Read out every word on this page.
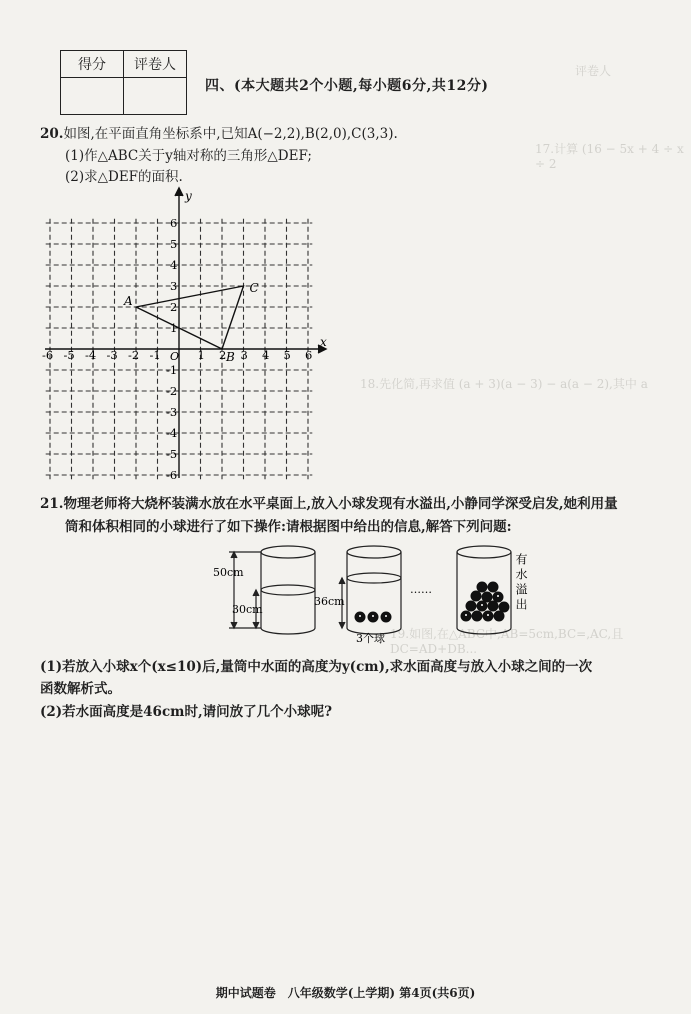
评卷人
17.计算 (16 − 5x + 4 ÷ x ÷ 2
18.先化简,再求值 (a + 3)(a − 3) − a(a − 2),其中 a
19.如图,在△ABC中,AB=5cm,BC=,AC,且DC=AD+DB...
得分	评卷人

四、(本大题共2个小题,每小题6分,共12分)
20.如图,在平面直角坐标系中,已知A(−2,2),B(2,0),C(3,3).
(1)作△ABC关于y轴对称的三角形△DEF;
(2)求△DEF的面积.
-6 -5 -4 -3 -2 -1	1 2 3 4 5 6
6
5
4
3
2
1
-1
-2
-3
-4
-5
-6
A
B
C
x
y
O
21.物理老师将大烧杯装满水放在水平桌面上,放入小球发现有水溢出,小静同学深受启发,她利用量
筒和体积相同的小球进行了如下操作:请根据图中给出的信息,解答下列问题:
50cm
30cm
36cm
3个球
……	有水溢出
(1)若放入小球x个(x≤10)后,量筒中水面的高度为y(cm),求水面高度与放入小球之间的一次
函数解析式。
(2)若水面高度是46cm时,请问放了几个小球呢?
期中试题卷　八年级数学(上学期) 第4页(共6页)
